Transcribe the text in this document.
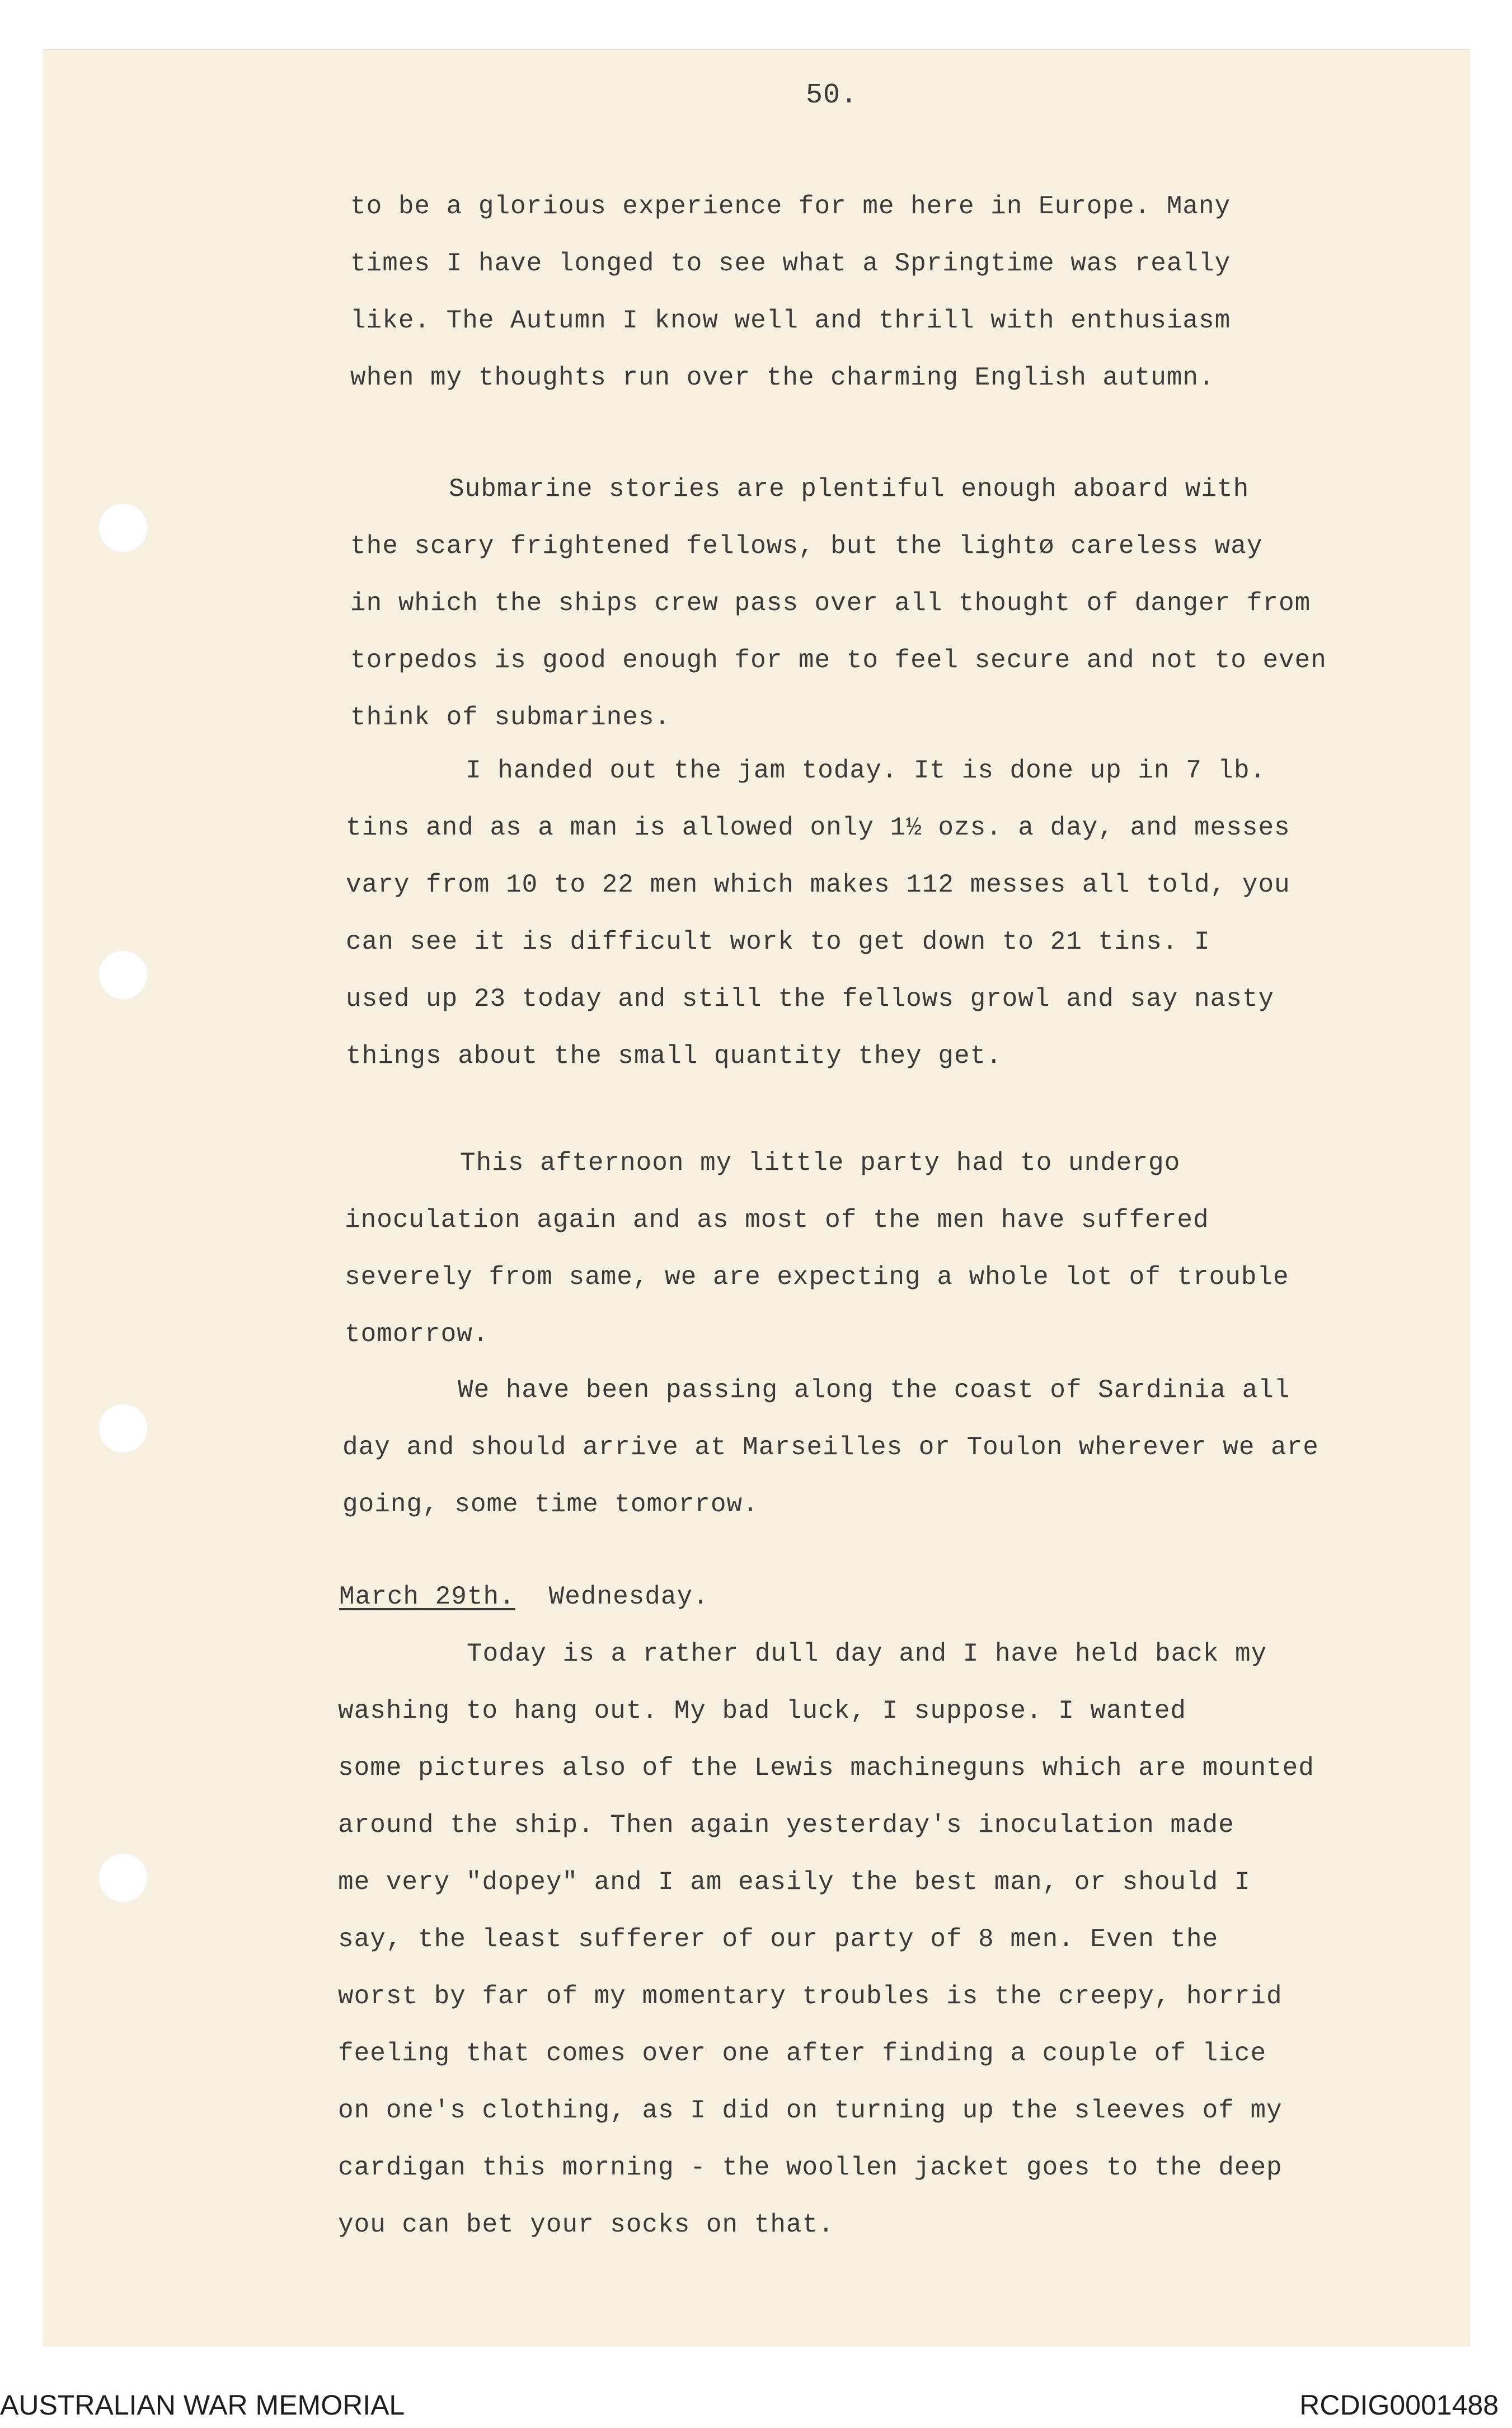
50.
to be a glorious experience for me here in Europe. Many
times I have longed to see what a Springtime was really
like. The Autumn I know well and thrill with enthusiasm
when my thoughts run over the charming English autumn.
Submarine stories are plentiful enough aboard with
the scary frightened fellows, but the lightø careless way
in which the ships crew pass over all thought of danger from
torpedos is good enough for me to feel secure and not to even
think of submarines.
I handed out the jam today. It is done up in 7 lb.
tins and as a man is allowed only 1½ ozs. a day, and messes
vary from 10 to 22 men which makes 112 messes all told, you
can see it is difficult work to get down to 21 tins. I
used up 23 today and still the fellows growl and say nasty
things about the small quantity they get.
This afternoon my little party had to undergo
inoculation again and as most of the men have suffered
severely from same, we are expecting a whole lot of trouble
tomorrow.
We have been passing along the coast of Sardinia all
day and should arrive at Marseilles or Toulon wherever we are
going, some time tomorrow.
March 29th. Wednesday.
Today is a rather dull day and I have held back my
washing to hang out. My bad luck, I suppose. I wanted
some pictures also of the Lewis machineguns which are mounted
around the ship. Then again yesterday's inoculation made
me very "dopey" and I am easily the best man, or should I
say, the least sufferer of our party of 8 men. Even the
worst by far of my momentary troubles is the creepy, horrid
feeling that comes over one after finding a couple of lice
on one's clothing, as I did on turning up the sleeves of my
cardigan this morning - the woollen jacket goes to the deep
you can bet your socks on that.
AUSTRALIAN WAR MEMORIAL	RCDIG0001488
